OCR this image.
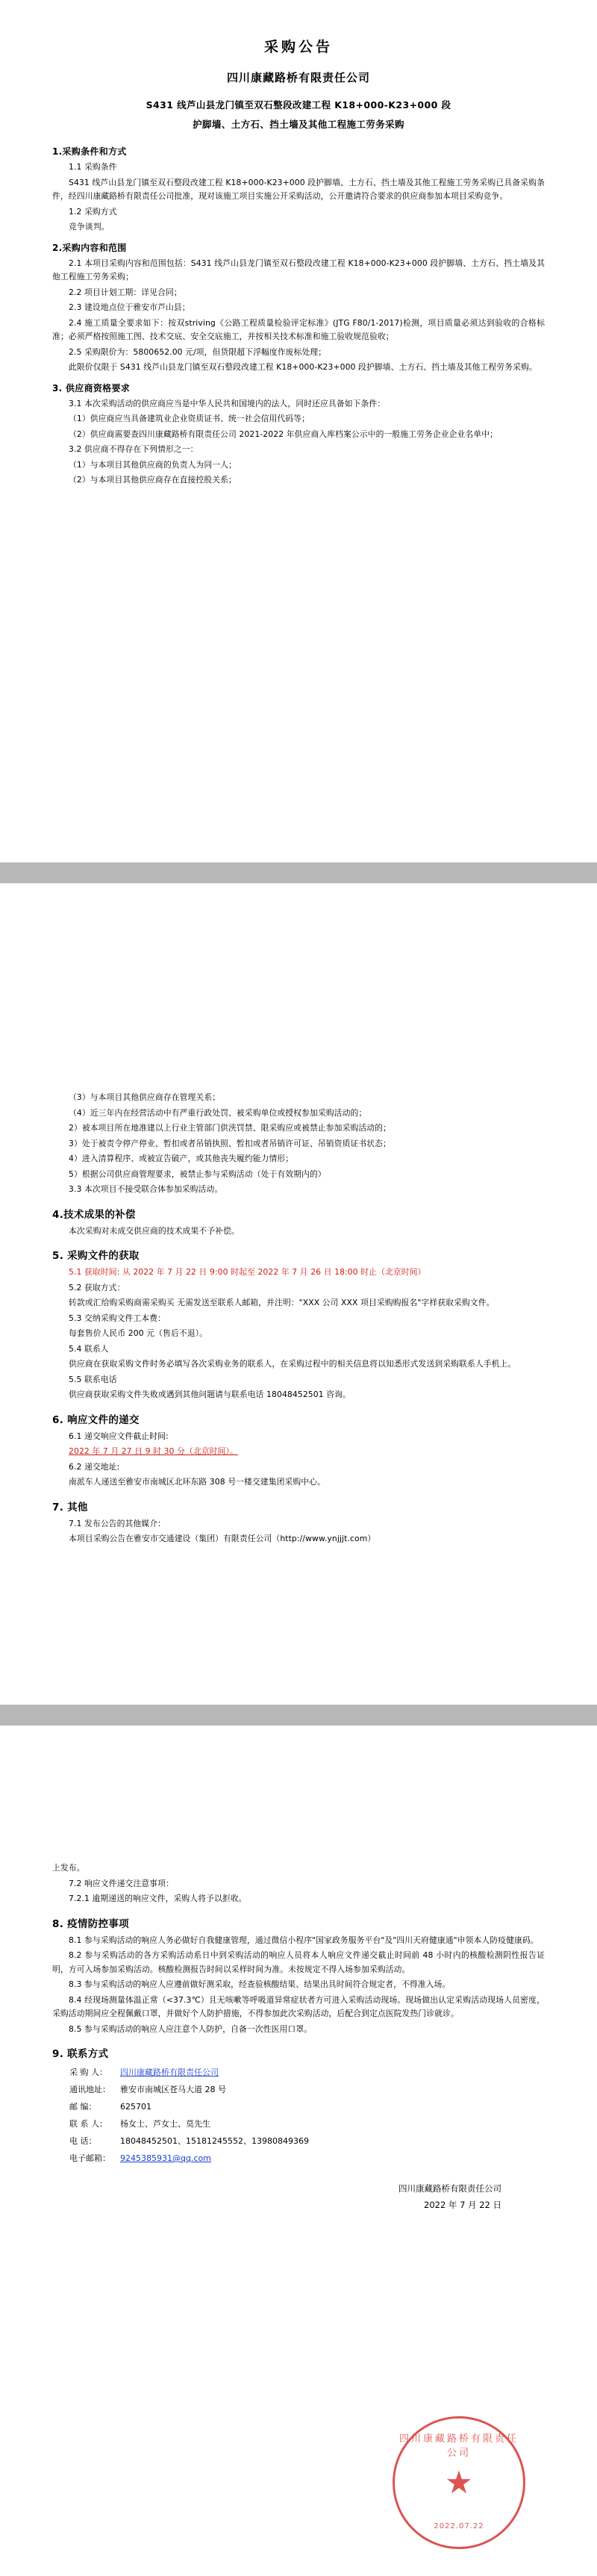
采购公告
四川康藏路桥有限责任公司
S431 线芦山县龙门镇至双石整段改建工程 K18+000-K23+000 段
护脚墙、土方石、挡土墙及其他工程施工劳务采购
1.采购条件和方式

1.1 采购条件

S431 线芦山县龙门镇至双石整段改建工程 K18+000-K23+000 段护脚墙、土方石、挡土墙及其他工程施工劳务采购已具备采购条件，经四川康藏路桥有限责任公司批准，现对该施工项目实施公开采购活动，公开邀请符合要求的供应商参加本项目采购竞争。

1.2 采购方式

竞争谈判。

2.采购内容和范围

2.1 本项目采购内容和范围包括：S431 线芦山县龙门镇至双石整段改建工程 K18+000-K23+000 段护脚墙、土方石、挡土墙及其他工程施工劳务采购；

2.2 项目计划工期：详见合同；

2.3 建设地点位于雅安市芦山县；

2.4 施工质量全要求如下：按双striving《公路工程质量检验评定标准》(JTG F80/1-2017)检测，项目质量必须达到验收的合格标准；必须严格按照施工图、技术交底、安全交底施工，并按相关技术标准和施工验收规范验收；

2.5 采购限价为：5800652.00 元/项，但货限超下浮幅度作废标处理；

此限价仅限于 S431 线芦山县龙门镇至双石整段改建工程 K18+000-K23+000 段护脚墙、土方石、挡土墙及其他工程劳务采购。

3. 供应商资格要求

3.1 本次采购活动的供应商应当是中华人民共和国境内的法人，同时还应具备如下条件：

（1）供应商应当具备建筑业企业资质证书、统一社会信用代码等；

（2）供应商需要查四川康藏路桥有限责任公司 2021-2022 年供应商入库档案公示中的一般施工劳务企业企业名单中；

3.2 供应商不得存在下列情形之一：

（1）与本项目其他供应商的负责人为同一人；

（2）与本项目其他供应商存在直接控股关系；

（3）与本项目其他供应商存在管理关系；

（4）近三年内在经营活动中有严重行政处罚、被采购单位或授权参加采购活动的；

2）被本项目所在地准建以上行业主管部门供浃罚禁、限采购应或被禁止参加采购活动的；

3）处于被责令停产停业、暂扣或者吊销执照、暂扣或者吊销许可证、吊销资质证书状态；

4）进入清算程序、或被宣告破产，或其他丧失履约能力情形；

5）根据公司供应商管理要求，被禁止参与采购活动（处于有效期内的）

3.3 本次项目不接受联合体参加采购活动。

4.技术成果的补偿

本次采购对未成交供应商的技术成果不予补偿。

5. 采购文件的获取

5.1 获取时间: 从 2022 年 7 月 22 日 9:00 时起至 2022 年 7 月 26 日 18:00 时止（北京时间）

5.2 获取方式：

转款或汇给购采购商需采购买 无需发送至联系人邮箱，并注明："XXX 公司 XXX 项目采购购报名"字样获取采购文件。

5.3 交纳采购文件工本费：

每套售价人民币 200 元（售后不退）。

5.4 联系人

供应商在获取采购文件时务必填写各次采购业务的联系人，在采购过程中的相关信息将以知悉形式发送到采购联系人手机上。

5.5 联系电话

供应商获取采购文件失败或遇到其他问题请与联系电话 18048452501 咨询。

6. 响应文件的递交

6.1 递交响应文件截止时间:

2022 年 7 月 27 日 9 时 30 分（北京时间）。

6.2 递交地址:

南派车人递送至雅安市南城区北环东路 308 号一楼交建集团采购中心。

7. 其他

7.1 发布公告的其他媒介：

本项目采购公告在雅安市交通建设（集团）有限责任公司（http://www.ynjjjt.com）

上发布。

7.2 响应文件递交注意事项：

7.2.1 逾期递送的响应文件，采购人将予以拒收。

8. 疫情防控事项

8.1 参与采购活动的响应人务必做好自我健康管理，通过微信小程序"国家政务服务平台"及"四川天府健康通"申领本人防疫健康码。

8.2 参与采购活动的各方采购活动系日中到采购活动的响应人员将本人响应文件递交截止时间前 48 小时内的核酸检测阴性报告证明，方可入场参加采购活动。核酸检测报告时间以采样时间为准。未按规定不得入场参加采购活动。

8.3 参与采购活动的响应人应遵前做好测采取，经查验核酸结果、结果出具时间符合规定者，不得准入场。

8.4 经现场测量体温正常（<37.3℃）且无咳嗽等呼吸道异常症状者方可进入采购活动现场。现场做出认定采购活动现场人员密度，采购活动期间应全程佩戴口罩，并做好个人防护措施，不得参加此次采购活动，后配合到定点医院发热门诊就诊。

8.5 参与采购活动的响应人应注意个人防护，自备一次性医用口罩。

9. 联系方式
采 购 人：	四川康藏路桥有限责任公司
通讯地址：	雅安市南城区苍马大道 28 号
邮 编：	625701
联 系 人：	杨女士、芦女士、莫先生
电 话：	18048452501、15181245552、13980849369
电子邮箱：	9245385931@qq.com
四川康藏路桥有限责任公司
2022 年 7 月 22 日
四川康藏路桥有限责任公司
★
2022.07.22
